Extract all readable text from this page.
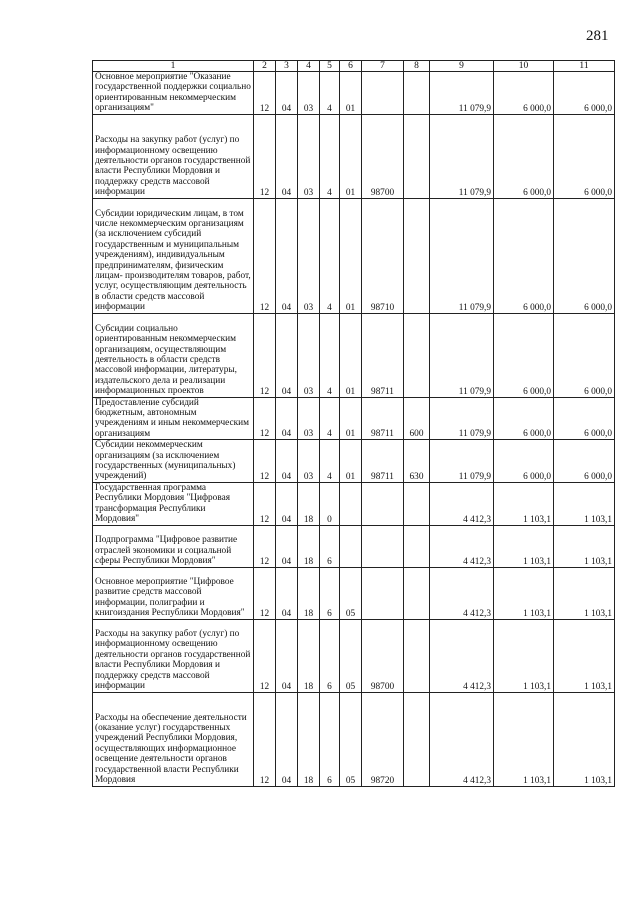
281
1	2	3	4	5	6	7	8	9	10	11
Основное мероприятие "Оказание государственной поддержки социально ориентированным некоммерческим организациям"	12	04	03	4	01			11 079,9	6 000,0	6 000,0
Расходы на закупку работ (услуг) по информационному освещению деятельности органов государственной власти Республики Мордовия и поддержку средств массовой информации	12	04	03	4	01	98700		11 079,9	6 000,0	6 000,0
Субсидии юридическим лицам, в том числе некоммерческим организациям (за исключением субсидий государственным и муниципальным учреждениям), индивидуальным предпринимателям, физическим лицам- производителям товаров, работ, услуг, осуществляющим деятельность в области средств массовой информации	12	04	03	4	01	98710		11 079,9	6 000,0	6 000,0
Субсидии социально ориентированным некоммерческим организациям, осуществляющим деятельность в области средств массовой информации, литературы, издательского дела и реализации информационных проектов	12	04	03	4	01	98711		11 079,9	6 000,0	6 000,0
Предоставление субсидий бюджетным, автономным учреждениям и иным некоммерческим организациям	12	04	03	4	01	98711	600	11 079,9	6 000,0	6 000,0
Субсидии некоммерческим организациям (за исключением государственных (муниципальных) учреждений)	12	04	03	4	01	98711	630	11 079,9	6 000,0	6 000,0
Государственная программа Республики Мордовия "Цифровая трансформация Республики Мордовия"	12	04	18	0				4 412,3	1 103,1	1 103,1
Подпрограмма "Цифровое развитие отраслей экономики и социальной сферы Республики Мордовия"	12	04	18	6				4 412,3	1 103,1	1 103,1
Основное мероприятие "Цифровое развитие средств массовой информации, полиграфии и книгоиздания Республики Мордовия"	12	04	18	6	05			4 412,3	1 103,1	1 103,1
Расходы на закупку работ (услуг) по информационному освещению деятельности органов государственной власти Республики Мордовия и поддержку средств массовой информации	12	04	18	6	05	98700		4 412,3	1 103,1	1 103,1
Расходы на обеспечение деятельности (оказание услуг) государственных учреждений Республики Мордовия, осуществляющих информационное освещение деятельности органов государственной власти Республики Мордовия	12	04	18	6	05	98720		4 412,3	1 103,1	1 103,1
